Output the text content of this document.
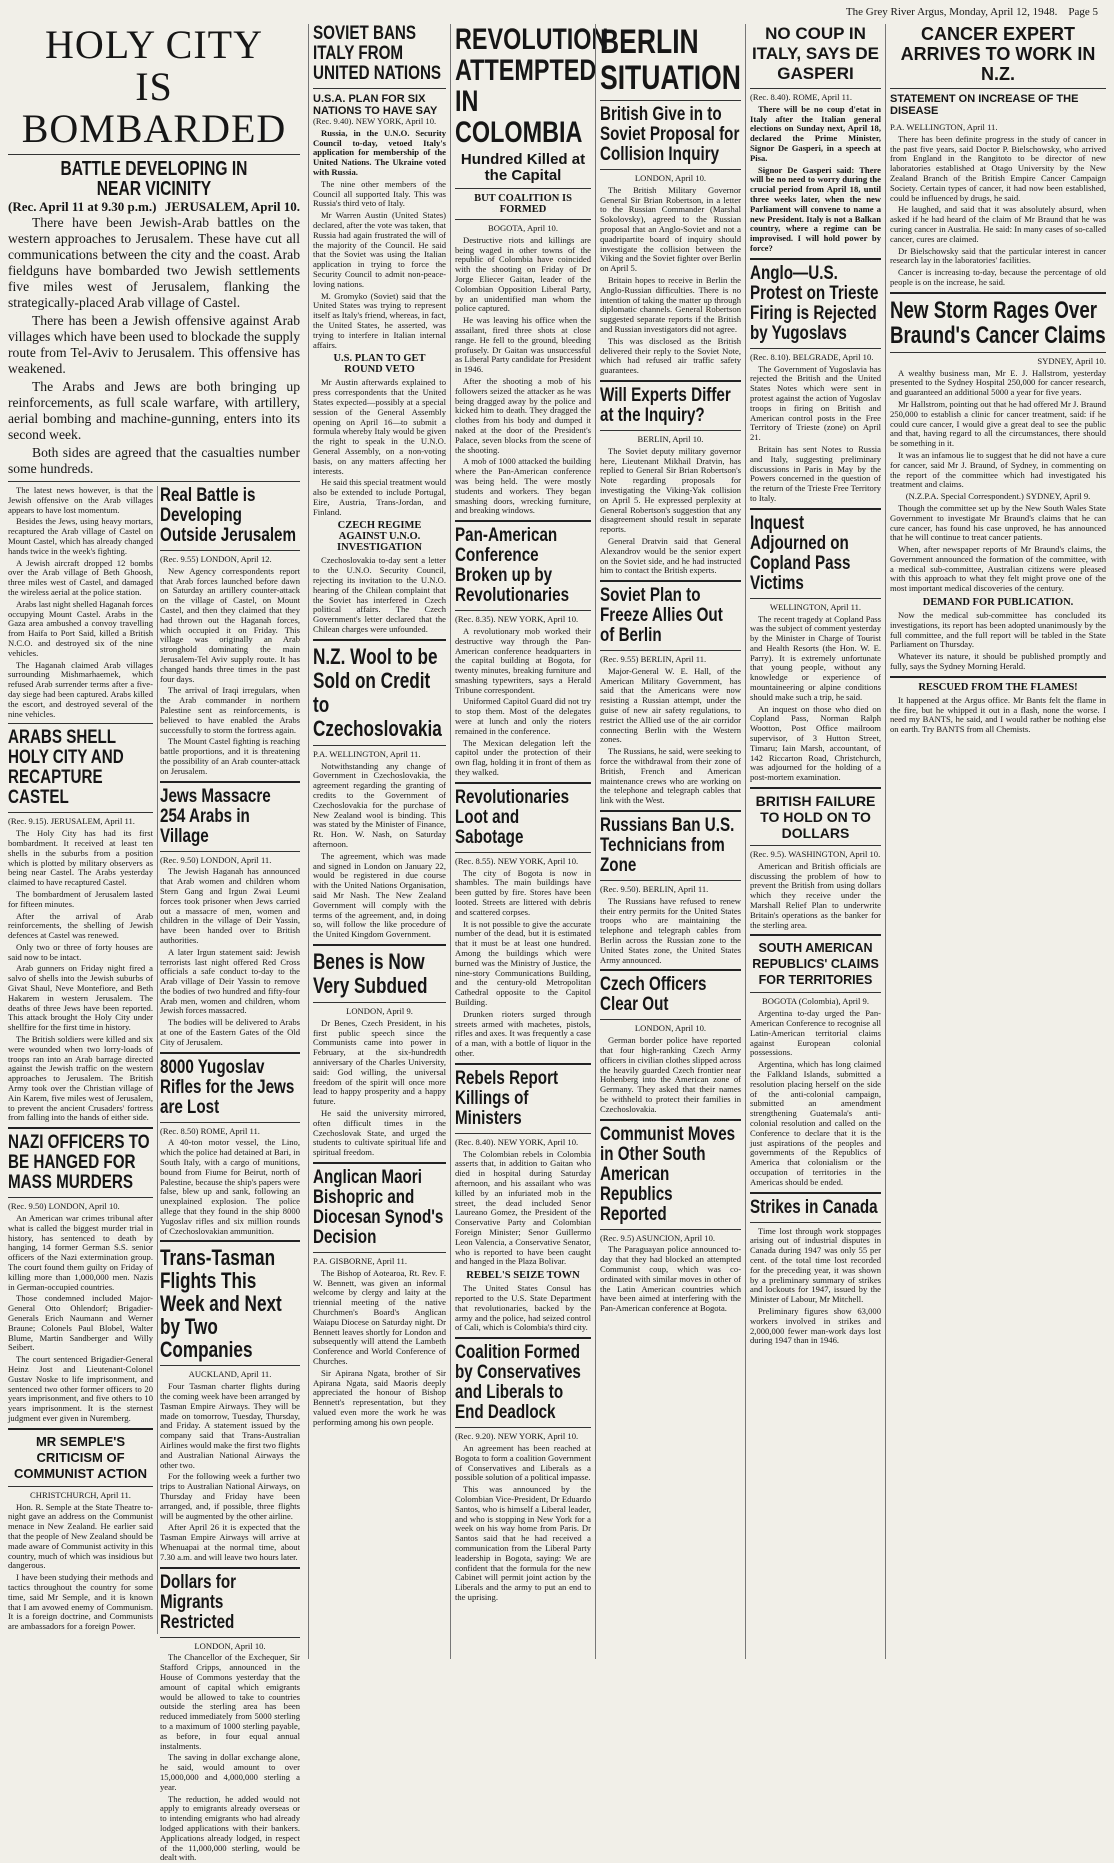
The Grey River Argus, Monday, April 12, 1948. Page 5
HOLY CITY
IS BOMBARDED
BATTLE DEVELOPING IN NEAR VICINITY
(Rec. April 11 at 9.30 p.m.) JERUSALEM, April 10.

There have been Jewish-Arab battles on the western approaches to Jerusalem. These have cut all communications between the city and the coast. Arab fieldguns have bombarded two Jewish settlements five miles west of Jerusalem, flanking the strategically-placed Arab village of Castel.

There has been a Jewish offensive against Arab villages which have been used to blockade the supply route from Tel-Aviv to Jerusalem. This offensive has weakened.

The Arabs and Jews are both bringing up reinforcements, as full scale warfare, with artillery, aerial bombing and machine-gunning, enters into its second week.

Both sides are agreed that the casualties number some hundreds.

The latest news however, is that the Jewish offensive on the Arab villages appears to have lost momentum.

Besides the Jews, using heavy mortars, recaptured the Arab village of Castel on Mount Castel, which has already changed hands twice in the week's fighting.

A Jewish aircraft dropped 12 bombs over the Arab village of Beth Ghoosh, three miles west of Castel, and damaged the wireless aerial at the police station.

Arabs last night shelled Haganah forces occupying Mount Castel. Arabs in the Gaza area ambushed a convoy travelling from Haifa to Port Said, killed a British N.C.O. and destroyed six of the nine vehicles.

The Haganah claimed Arab villages surrounding Mishmarhaemek, which refused Arab surrender terms after a five-day siege had been captured. Arabs killed the escort, and destroyed several of the nine vehicles.

ARABS SHELL HOLY CITY AND RECAPTURE CASTEL

(Rec. 9.15). JERUSALEM, April 11.

The Holy City has had its first bombardment. It received at least ten shells in the suburbs from a position which is plotted by military observers as being near Castel. The Arabs yesterday claimed to have recaptured Castel.

The bombardment of Jerusalem lasted for fifteen minutes.

After the arrival of Arab reinforcements, the shelling of Jewish defences at Castel was renewed.

Only two or three of forty houses are said now to be intact.

Arab gunners on Friday night fired a salvo of shells into the Jewish suburbs of Givat Shaul, Neve Montefiore, and Beth Hakarem in western Jerusalem. The deaths of three Jews have been reported. This attack brought the Holy City under shellfire for the first time in history.

The British soldiers were killed and six were wounded when two lorry-loads of troops ran into an Arab barrage directed against the Jewish traffic on the western approaches to Jerusalem. The British Army took over the Christian village of Ain Karem, five miles west of Jerusalem, to prevent the ancient Crusaders' fortress from falling into the hands of either side.

NAZI OFFICERS TO BE HANGED FOR MASS MURDERS

(Rec. 9.50) LONDON, April 10.

An American war crimes tribunal after what is called the biggest murder trial in history, has sentenced to death by hanging, 14 former German S.S. senior officers of the Nazi extermination group. The court found them guilty on Friday of killing more than 1,000,000 men. Nazis in German-occupied countries.

Those condemned included Major-General Otto Ohlendorf; Brigadier-Generals Erich Naumann and Werner Braune; Colonels Paul Blobel, Walter Blume, Martin Sandberger and Willy Seibert.

The court sentenced Brigadier-General Heinz Jost and Lieutenant-Colonel Gustav Noske to life imprisonment, and sentenced two other former officers to 20 years imprisonment, and five others to 10 years imprisonment. It is the sternest judgment ever given in Nuremberg.

MR SEMPLE'S CRITICISM OF COMMUNIST ACTION

CHRISTCHURCH, April 11.

Hon. R. Semple at the State Theatre to-night gave an address on the Communist menace in New Zealand. He earlier said that the people of New Zealand should be made aware of Communist activity in this country, much of which was insidious but dangerous.

I have been studying their methods and tactics throughout the country for some time, said Mr Semple, and it is known that I am avowed enemy of Communism. It is a foreign doctrine, and Communists are ambassadors for a foreign Power.

Real Battle is Developing Outside Jerusalem

(Rec. 9.55) LONDON, April 12.

New Agency correspondents report that Arab forces launched before dawn on Saturday an artillery counter-attack on the village of Castel, on Mount Castel, and then they claimed that they had thrown out the Haganah forces, which occupied it on Friday. This village was originally an Arab stronghold dominating the main Jerusalem-Tel Aviv supply route. It has changed hands three times in the past four days.

The arrival of Iraqi irregulars, when the Arab commander in northern Palestine sent as reinforcements, is believed to have enabled the Arabs successfully to storm the fortress again.

The Mount Castel fighting is reaching battle proportions, and it is threatening the possibility of an Arab counter-attack on Jerusalem.

Jews Massacre 254 Arabs in Village

(Rec. 9.50) LONDON, April 11.

The Jewish Haganah has announced that Arab women and children whom Stern Gang and Irgun Zwai Leumi forces took prisoner when Jews carried out a massacre of men, women and children in the village of Deir Yassin, have been handed over to British authorities.

A later Irgun statement said: Jewish terrorists last night offered Red Cross officials a safe conduct to-day to the Arab village of Deir Yassin to remove the bodies of two hundred and fifty-four Arab men, women and children, whom Jewish forces massacred.

The bodies will be delivered to Arabs at one of the Eastern Gates of the Old City of Jerusalem.

8000 Yugoslav Rifles for the Jews are Lost

(Rec. 8.50) ROME, April 11.

A 40-ton motor vessel, the Lino, which the police had detained at Bari, in South Italy, with a cargo of munitions, bound from Fiume for Beirut, north of Palestine, because the ship's papers were false, blew up and sank, following an unexplained explosion. The police allege that they found in the ship 8000 Yugoslav rifles and six million rounds of Czechoslovakian ammunition.

Trans-Tasman Flights This Week and Next by Two Companies

AUCKLAND, April 11.

Four Tasman charter flights during the coming week have been arranged by Tasman Empire Airways. They will be made on tomorrow, Tuesday, Thursday, and Friday. A statement issued by the company said that Trans-Australian Airlines would make the first two flights and Australian National Airways the other two.

For the following week a further two trips to Australian National Airways, on Thursday and Friday have been arranged, and, if possible, three flights will be augmented by the other airline.

After April 26 it is expected that the Tasman Empire Airways will arrive at Whenuapai at the normal time, about 7.30 a.m. and will leave two hours later.

Dollars for Migrants Restricted

LONDON, April 10.

The Chancellor of the Exchequer, Sir Stafford Cripps, announced in the House of Commons yesterday that the amount of capital which emigrants would be allowed to take to countries outside the sterling area has been reduced immediately from 5000 sterling to a maximum of 1000 sterling payable, as before, in four equal annual instalments.

The saving in dollar exchange alone, he said, would amount to over 15,000,000 and 4,000,000 sterling a year.

The reduction, he added would not apply to emigrants already overseas or to intending emigrants who had already lodged applications with their bankers. Applications already lodged, in respect of the 11,000,000 sterling, would be dealt with.

SOVIET BANS ITALY FROM UNITED NATIONS
U.S.A. PLAN FOR SIX NATIONS TO HAVE SAY

(Rec. 9.40). NEW YORK, April 10.

Russia, in the U.N.O. Security Council to-day, vetoed Italy's application for membership of the United Nations. The Ukraine voted with Russia.

The nine other members of the Council all supported Italy. This was Russia's third veto of Italy.

Mr Warren Austin (United States) declared, after the vote was taken, that Russia had again frustrated the will of the majority of the Council. He said that the Soviet was using the Italian application in trying to force the Security Council to admit non-peace-loving nations.

M. Gromyko (Soviet) said that the United States was trying to represent itself as Italy's friend, whereas, in fact, the United States, he asserted, was trying to interfere in Italian internal affairs.

U.S. PLAN TO GET ROUND VETO

Mr Austin afterwards explained to press correspondents that the United States expected—possibly at a special session of the General Assembly opening on April 16—to submit a formula whereby Italy would be given the right to speak in the U.N.O. General Assembly, on a non-voting basis, on any matters affecting her interests.

He said this special treatment would also be extended to include Portugal, Eire, Austria, Trans-Jordan, and Finland.

CZECH REGIME AGAINST U.N.O. INVESTIGATION

Czechoslovakia to-day sent a letter to the U.N.O. Security Council, rejecting its invitation to the U.N.O. hearing of the Chilean complaint that the Soviet has interfered in Czech political affairs. The Czech Government's letter declared that the Chilean charges were unfounded.

N.Z. Wool to be Sold on Credit to Czechoslovakia

P.A. WELLINGTON, April 11.

Notwithstanding any change of Government in Czechoslovakia, the agreement regarding the granting of credits to the Government of Czechoslovakia for the purchase of New Zealand wool is binding. This was stated by the Minister of Finance, Rt. Hon. W. Nash, on Saturday afternoon.

The agreement, which was made and signed in London on January 22, would be registered in due course with the United Nations Organisation, said Mr Nash. The New Zealand Government will comply with the terms of the agreement, and, in doing so, will follow the like procedure of the United Kingdom Government.

Benes is Now Very Subdued

LONDON, April 9.

Dr Benes, Czech President, in his first public speech since the Communists came into power in February, at the six-hundredth anniversary of the Charles University, said: God willing, the universal freedom of the spirit will once more lead to happy prosperity and a happy future.

He said the university mirrored, often difficult times in the Czechoslovak State, and urged the students to cultivate spiritual life and spiritual freedom.

Anglican Maori Bishopric and Diocesan Synod's Decision

P.A. GISBORNE, April 11.

The Bishop of Aotearoa, Rt. Rev. F. W. Bennett, was given an informal welcome by clergy and laity at the triennial meeting of the native Churchmen's Board's Anglican Waiapu Diocese on Saturday night. Dr Bennett leaves shortly for London and subsequently will attend the Lambeth Conference and World Conference of Churches.

Sir Apirana Ngata, brother of Sir Apirana Ngata, said Maoris deeply appreciated the honour of Bishop Bennett's representation, but they valued even more the work he was performing among his own people.

REVOLUTION ATTEMPTED IN COLOMBIA
Hundred Killed at the Capital
BUT COALITION IS FORMED

BOGOTA, April 10.

Destructive riots and killings are being waged in other towns of the republic of Colombia have coincided with the shooting on Friday of Dr Jorge Eliecer Gaitan, leader of the Colombian Opposition Liberal Party, by an unidentified man whom the police captured.

He was leaving his office when the assailant, fired three shots at close range. He fell to the ground, bleeding profusely. Dr Gaitan was unsuccessful as Liberal Party candidate for President in 1946.

After the shooting a mob of his followers seized the attacker as he was being dragged away by the police and kicked him to death. They dragged the clothes from his body and dumped it naked at the door of the President's Palace, seven blocks from the scene of the shooting.

A mob of 1000 attacked the building where the Pan-American conference was being held. The were mostly students and workers. They began smashing doors, wrecking furniture, and breaking windows.

Pan-American Conference Broken up by Revolutionaries

(Rec. 8.35). NEW YORK, April 10.

A revolutionary mob worked their destructive way through the Pan-American conference headquarters in the capital building at Bogota, for twenty minutes, breaking furniture and smashing typewriters, says a Herald Tribune correspondent.

Uniformed Capitol Guard did not try to stop them. Most of the delegates were at lunch and only the rioters remained in the conference.

The Mexican delegation left the capitol under the protection of their own flag, holding it in front of them as they walked.

Revolutionaries Loot and Sabotage

(Rec. 8.55). NEW YORK, April 10.

The city of Bogota is now in shambles. The main buildings have been gutted by fire. Stores have been looted. Streets are littered with debris and scattered corpses.

It is not possible to give the accurate number of the dead, but it is estimated that it must be at least one hundred. Among the buildings which were burned was the Ministry of Justice, the nine-story Communications Building, and the century-old Metropolitan Cathedral opposite to the Capitol Building.

Drunken rioters surged through streets armed with machetes, pistols, rifles and axes. It was frequently a case of a man, with a bottle of liquor in the other.

Rebels Report Killings of Ministers

(Rec. 8.40). NEW YORK, April 10.

The Colombian rebels in Colombia asserts that, in addition to Gaitan who died in hospital during Saturday afternoon, and his assailant who was killed by an infuriated mob in the street, the dead included Senor Laureano Gomez, the President of the Conservative Party and Colombian Foreign Minister; Senor Guillermo Leon Valencia, a Conservative Senator, who is reported to have been caught and hanged in the Plaza Bolivar.

REBEL'S SEIZE TOWN

The United States Consul has reported to the U.S. State Department that revolutionaries, backed by the army and the police, had seized control of Cali, which is Colombia's third city.

Coalition Formed by Conservatives and Liberals to End Deadlock

(Rec. 9.20). NEW YORK, April 10.

An agreement has been reached at Bogota to form a coalition Government of Conservatives and Liberals as a possible solution of a political impasse.

This was announced by the Colombian Vice-President, Dr Eduardo Santos, who is himself a Liberal leader, and who is stopping in New York for a week on his way home from Paris. Dr Santos said that he had received a communication from the Liberal Party leadership in Bogota, saying: We are confident that the formula for the new Cabinet will permit joint action by the Liberals and the army to put an end to the uprising.

BERLIN SITUATION
British Give in to Soviet Proposal for Collision Inquiry

LONDON, April 10.

The British Military Governor General Sir Brian Robertson, in a letter to the Russian Commander (Marshal Sokolovsky), agreed to the Russian proposal that an Anglo-Soviet and not a quadripartite board of inquiry should investigate the collision between the Viking and the Soviet fighter over Berlin on April 5.

Britain hopes to receive in Berlin the Anglo-Russian difficulties. There is no intention of taking the matter up through diplomatic channels. General Robertson suggested separate reports if the British and Russian investigators did not agree.

This was disclosed as the British delivered their reply to the Soviet Note, which had refused air traffic safety guarantees.

Will Experts Differ at the Inquiry?

BERLIN, April 10.

The Soviet deputy military governor here, Lieutenant Mikhail Dratvin, has replied to General Sir Brian Robertson's Note regarding proposals for investigating the Viking-Yak collision on April 5. He expressed perplexity at General Robertson's suggestion that any disagreement should result in separate reports.

General Dratvin said that General Alexandrov would be the senior expert on the Soviet side, and he had instructed him to contact the British experts.

Soviet Plan to Freeze Allies Out of Berlin

(Rec. 9.55) BERLIN, April 11.

Major-General W. E. Hall, of the American Military Government, has said that the Americans were now resisting a Russian attempt, under the guise of new air safety regulations, to restrict the Allied use of the air corridor connecting Berlin with the Western zones.

The Russians, he said, were seeking to force the withdrawal from their zone of British, French and American maintenance crews who are working on the telephone and telegraph cables that link with the West.

Russians Ban U.S. Technicians from Zone

(Rec. 9.50). BERLIN, April 11.

The Russians have refused to renew their entry permits for the United States troops who are maintaining the telephone and telegraph cables from Berlin across the Russian zone to the United States zone, the United States Army announced.

Czech Officers Clear Out

LONDON, April 10.

German border police have reported that four high-ranking Czech Army officers in civilian clothes slipped across the heavily guarded Czech frontier near Hohenberg into the American zone of Germany. They asked that their names be withheld to protect their families in Czechoslovakia.

Communist Moves in Other South American Republics Reported

(Rec. 9.5) ASUNCION, April 10.

The Paraguayan police announced to-day that they had blocked an attempted Communist coup, which was co-ordinated with similar moves in other of the Latin American countries which have been aimed at interfering with the Pan-American conference at Bogota.

NO COUP IN ITALY, SAYS DE GASPERI

(Rec. 8.40). ROME, April 11.

There will be no coup d'etat in Italy after the Italian general elections on Sunday next, April 18, declared the Prime Minister, Signor De Gasperi, in a speech at Pisa.

Signor De Gasperi said: There will be no need to worry during the crucial period from April 18, until three weeks later, when the new Parliament will convene to name a new President. Italy is not a Balkan country, where a regime can be improvised. I will hold power by force?

Anglo—U.S. Protest on Trieste Firing is Rejected by Yugoslavs

(Rec. 8.10). BELGRADE, April 10.

The Government of Yugoslavia has rejected the British and the United States Notes which were sent in protest against the action of Yugoslav troops in firing on British and American control posts in the Free Territory of Trieste (zone) on April 21.

Britain has sent Notes to Russia and Italy, suggesting preliminary discussions in Paris in May by the Powers concerned in the question of the return of the Trieste Free Territory to Italy.

Inquest Adjourned on Copland Pass Victims

WELLINGTON, April 11.

The recent tragedy at Copland Pass was the subject of comment yesterday by the Minister in Charge of Tourist and Health Resorts (the Hon. W. E. Parry). It is extremely unfortunate that young people, without any knowledge or experience of mountaineering or alpine conditions should make such a trip, he said.

An inquest on those who died on Copland Pass, Norman Ralph Wootton, Post Office mailroom supervisor, of 3 Hutton Street, Timaru; Iain Marsh, accountant, of 142 Riccarton Road, Christchurch, was adjourned for the holding of a post-mortem examination.

BRITISH FAILURE TO HOLD ON TO DOLLARS

(Rec. 9.5). WASHINGTON, April 10.

American and British officials are discussing the problem of how to prevent the British from using dollars which they receive under the Marshall Relief Plan to underwrite Britain's operations as the banker for the sterling area.

SOUTH AMERICAN REPUBLICS' CLAIMS FOR TERRITORIES

BOGOTA (Colombia), April 9.

Argentina to-day urged the Pan-American Conference to recognise all Latin-American territorial claims against European colonial possessions.

Argentina, which has long claimed the Falkland Islands, submitted a resolution placing herself on the side of the anti-colonial campaign, submitted an amendment strengthening Guatemala's anti-colonial resolution and called on the Conference to declare that it is the just aspirations of the peoples and governments of the Republics of America that colonialism or the occupation of territories in the Americas should be ended.

Strikes in Canada

Time lost through work stoppages arising out of industrial disputes in Canada during 1947 was only 55 per cent. of the total time lost recorded for the preceding year, it was shown by a preliminary summary of strikes and lockouts for 1947, issued by the Minister of Labour, Mr Mitchell.

Preliminary figures show 63,000 workers involved in strikes and 2,000,000 fewer man-work days lost during 1947 than in 1946.

CANCER EXPERT ARRIVES TO WORK IN N.Z.
STATEMENT ON INCREASE OF THE DISEASE

P.A. WELLINGTON, April 11.

There has been definite progress in the study of cancer in the past five years, said Doctor P. Bielschowsky, who arrived from England in the Rangitoto to be director of new laboratories established at Otago University by the New Zealand Branch of the British Empire Cancer Campaign Society. Certain types of cancer, it had now been established, could be influenced by drugs, he said.

He laughed, and said that it was absolutely absurd, when asked if he had heard of the claim of Mr Braund that he was curing cancer in Australia. He said: In many cases of so-called cancer, cures are claimed.

Dr Bielschowsky said that the particular interest in cancer research lay in the laboratories' facilities.

Cancer is increasing to-day, because the percentage of old people is on the increase, he said.

New Storm Rages Over Braund's Cancer Claims

SYDNEY, April 10.

A wealthy business man, Mr E. J. Hallstrom, yesterday presented to the Sydney Hospital 250,000 for cancer research, and guaranteed an additional 5000 a year for five years.

Mr Hallstrom, pointing out that he had offered Mr J. Braund 250,000 to establish a clinic for cancer treatment, said: if he could cure cancer, I would give a great deal to see the public and that, having regard to all the circumstances, there should be something in it.

It was an infamous lie to suggest that he did not have a cure for cancer, said Mr J. Braund, of Sydney, in commenting on the report of the committee which had investigated his treatment and claims.

(N.Z.P.A. Special Correspondent.) SYDNEY, April 9.

Though the committee set up by the New South Wales State Government to investigate Mr Braund's claims that he can cure cancer, has found his case unproved, he has announced that he will continue to treat cancer patients.

When, after newspaper reports of Mr Braund's claims, the Government announced the formation of the committee, with a medical sub-committee, Australian citizens were pleased with this approach to what they felt might prove one of the most important medical discoveries of the century.

DEMAND FOR PUBLICATION.

Now the medical sub-committee has concluded its investigations, its report has been adopted unanimously by the full committee, and the full report will be tabled in the State Parliament on Thursday.

Whatever its nature, it should be published promptly and fully, says the Sydney Morning Herald.

RESCUED FROM THE FLAMES!

It happened at the Argus office. Mr Bants felt the flame in the fire, but he whipped it out in a flash, none the worse. I need my BANTS, he said, and I would rather be nothing else on earth. Try BANTS from all Chemists.
